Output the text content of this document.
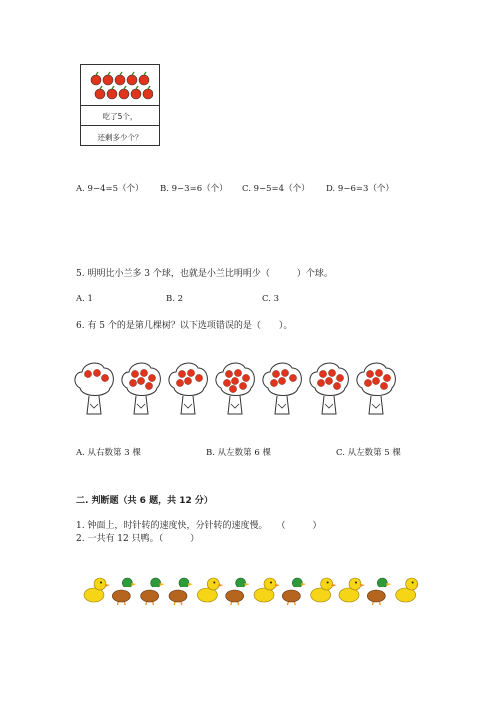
吃了5个，
还剩多少个？
A. 9−4=5（个） B. 9−3=6（个） C. 9−5=4（个） D. 9−6=3（个）
5. 明明比小兰多 3 个球，也就是小兰比明明少（　　　）个球。
A. 1	B. 2	C. 3
6. 有 5 个的是第几棵树？以下选项错误的是（　　）。
A. 从右数第 3 棵	B. 从左数第 6 棵	C. 从左数第 5 棵
二. 判断题（共 6 题，共 12 分）
1. 钟面上，时针转的速度快，分针转的速度慢。　　（　　　）
2. 一共有 12 只鸭。（　　　）
